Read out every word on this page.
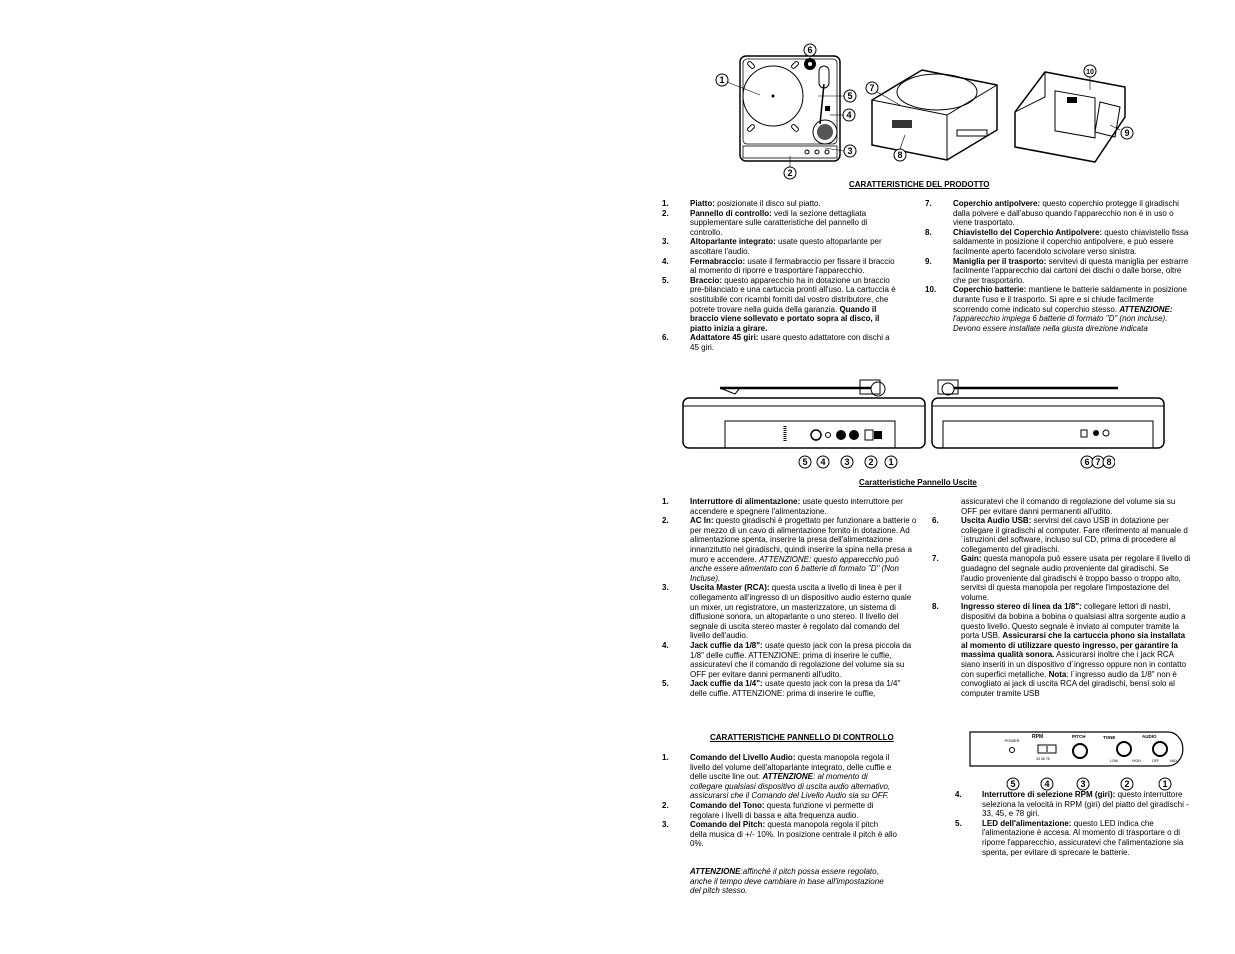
1
2
3
4
5
6
7
8
9
10
CARATTERISTICHE DEL PRODOTTO
1.	Piatto: posizionate il disco sul piatto.
2.	Pannello di controllo: vedi la sezione dettagliata supplementare sulle caratteristiche del pannello di controllo.
3.	Altoparlante integrato: usate questo altoparlante per ascoltare l'audio.
4.	Fermabraccio: usate il fermabraccio per fissare il braccio al momento di riporre e trasportare l'apparecchio.
5.	Braccio: questo apparecchio ha in dotazione un braccio pre-bilanciato e una cartuccia pronti all'uso. La cartuccia è sostituibile con ricambi forniti dal vostro distributore, che potrete trovare nella guida della garanzia. Quando il braccio viene sollevato e portato sopra al disco, il piatto inizia a girare.
6.	Adattatore 45 giri: usare questo adattatore con dischi a 45 giri.
7.	Coperchio antipolvere: questo coperchio protegge il giradischi dalla polvere e dall'abuso quando l'apparecchio non è in uso o viene trasportato.
8.	Chiavistello del Coperchio Antipolvere: questo chiavistello fissa saldamente in posizione il coperchio antipolvere, e può essere facilmente aperto facendolo scivolare verso sinistra.
9.	Maniglia per il trasporto: servitevi di questa maniglia per estrarre facilmente l'apparecchio dai cartoni dei dischi o dalle borse, oltre che per trasportarlo.
10.	Coperchio batterie: mantiene le batterie saldamente in posizione durante l'uso e il trasporto. Si apre e si chiude facilmente scorrendo come indicato sul coperchio stesso. ATTENZIONE: l'apparecchio impiega 6 batterie di formato "D" (non incluse). Devono essere installate nella giusta direzione indicata
5 4 3 2 1	6 7 8
Caratteristiche Pannello Uscite
1.	Interruttore di alimentazione: usate questo interruttore per accendere e spegnere l'alimentazione.
2.	AC In: questo giradischi è progettato per funzionare a batterie o per mezzo di un cavo di alimentazione fornito in dotazione. Ad alimentazione spenta, inserire la presa dell'alimentazione innanzitutto nel giradischi, quindi inserire la spina nella presa a muro e accendere. ATTENZIONE: questo apparecchio può anche essere alimentato con 6 batterie di formato "D" (Non Incluse).
3.	Uscita Master (RCA): questa uscita a livello di linea è per il collegamento all'ingresso di un dispositivo audio esterno quale un mixer, un registratore, un masterizzatore, un sistema di diffusione sonora, un altoparlante o uno stereo. Il livello del segnale di uscita stereo master è regolato dal comando del livello dell'audio.
4.	Jack cuffie da 1/8": usate questo jack con la presa piccola da 1/8" delle cuffie. ATTENZIONE: prima di inserire le cuffie, assicuratevi che il comando di regolazione del volume sia su OFF per evitare danni permanenti all'udito.
5.	Jack cuffie da 1/4": usate questo jack con la presa da 1/4" delle cuffie. ATTENZIONE: prima di inserire le cuffie,
assicuratevi che il comando di regolazione del volume sia su OFF per evitare danni permanenti all'udito.
6.	Uscita Audio USB: servirsi del cavo USB in dotazione per collegare il giradischi al computer. Fare riferimento al manuale d´istruzioni del software, incluso sul CD, prima di procedere al collegamento del giradischi.
7.	Gain: questa manopola può essere usata per regolare il livello di guadagno del segnale audio proveniente dal giradischi. Se l'audio proveniente dal giradischi è troppo basso o troppo alto, servitsi di questa manopola per regolare l'impostazione del volume.
8.	Ingresso stereo di linea da 1/8": collegare lettori di nastri, dispositivi da bobina a bobina o qualsiasi altra sorgente audio a questo livello. Questo segnale è inviato al computer tramite la porta USB. Assicurarsi che la cartuccia phono sia installata al momento di utilizzare questo ingresso, per garantire la massima qualità sonora. Assicurarsi inoltre che i jack RCA siano inseriti in un dispositivo d´ingresso oppure non in contatto con superfici metalliche. Nota: l´ingresso audio da 1/8" non è convogliato ai jack di uscita RCA del giradischi, bensì solo al computer tramite USB
CARATTERISTICHE PANNELLO DI CONTROLLO
1.	Comando del Livello Audio: questa manopola regola il livello del volume dell'altoparlante integrato, delle cuffie e delle uscite line out. ATTENZIONE: al momento di collegare qualsiasi dispositivo di uscita audio alternativo, assicurarsi che il Comando del Livello Audio sia su OFF.
2.	Comando del Tono: questa funzione vi permette di regolare i livelli di bassa e alta frequenza audio.
3.	Comando del Pitch: questa manopola regola il pitch della musica di +/- 10%. In posizione centrale il pitch è allo 0%.
ATTENZIONE:affinché il pitch possa essere regolato, anche il tempo deve cambiare in base all'impostazione del pitch stesso.
POWER
RPM
33 45 78
PITCH	TONE
LOW	HIGH
AUDIO
OFF	MAX
5	4	3	2	1
4.	Interruttore di selezione RPM (giri): questo interruttore seleziona la velocità in RPM (giri) del piatto del giradischi - 33, 45, e 78 giri.
5.	LED dell'alimentazione: questo LED indica che l'alimentazione è accesa. Al momento di trasportare o di riporre l'apparecchio, assicuratevi che l'alimentazione sia spenta, per evitare di sprecare le batterie.
